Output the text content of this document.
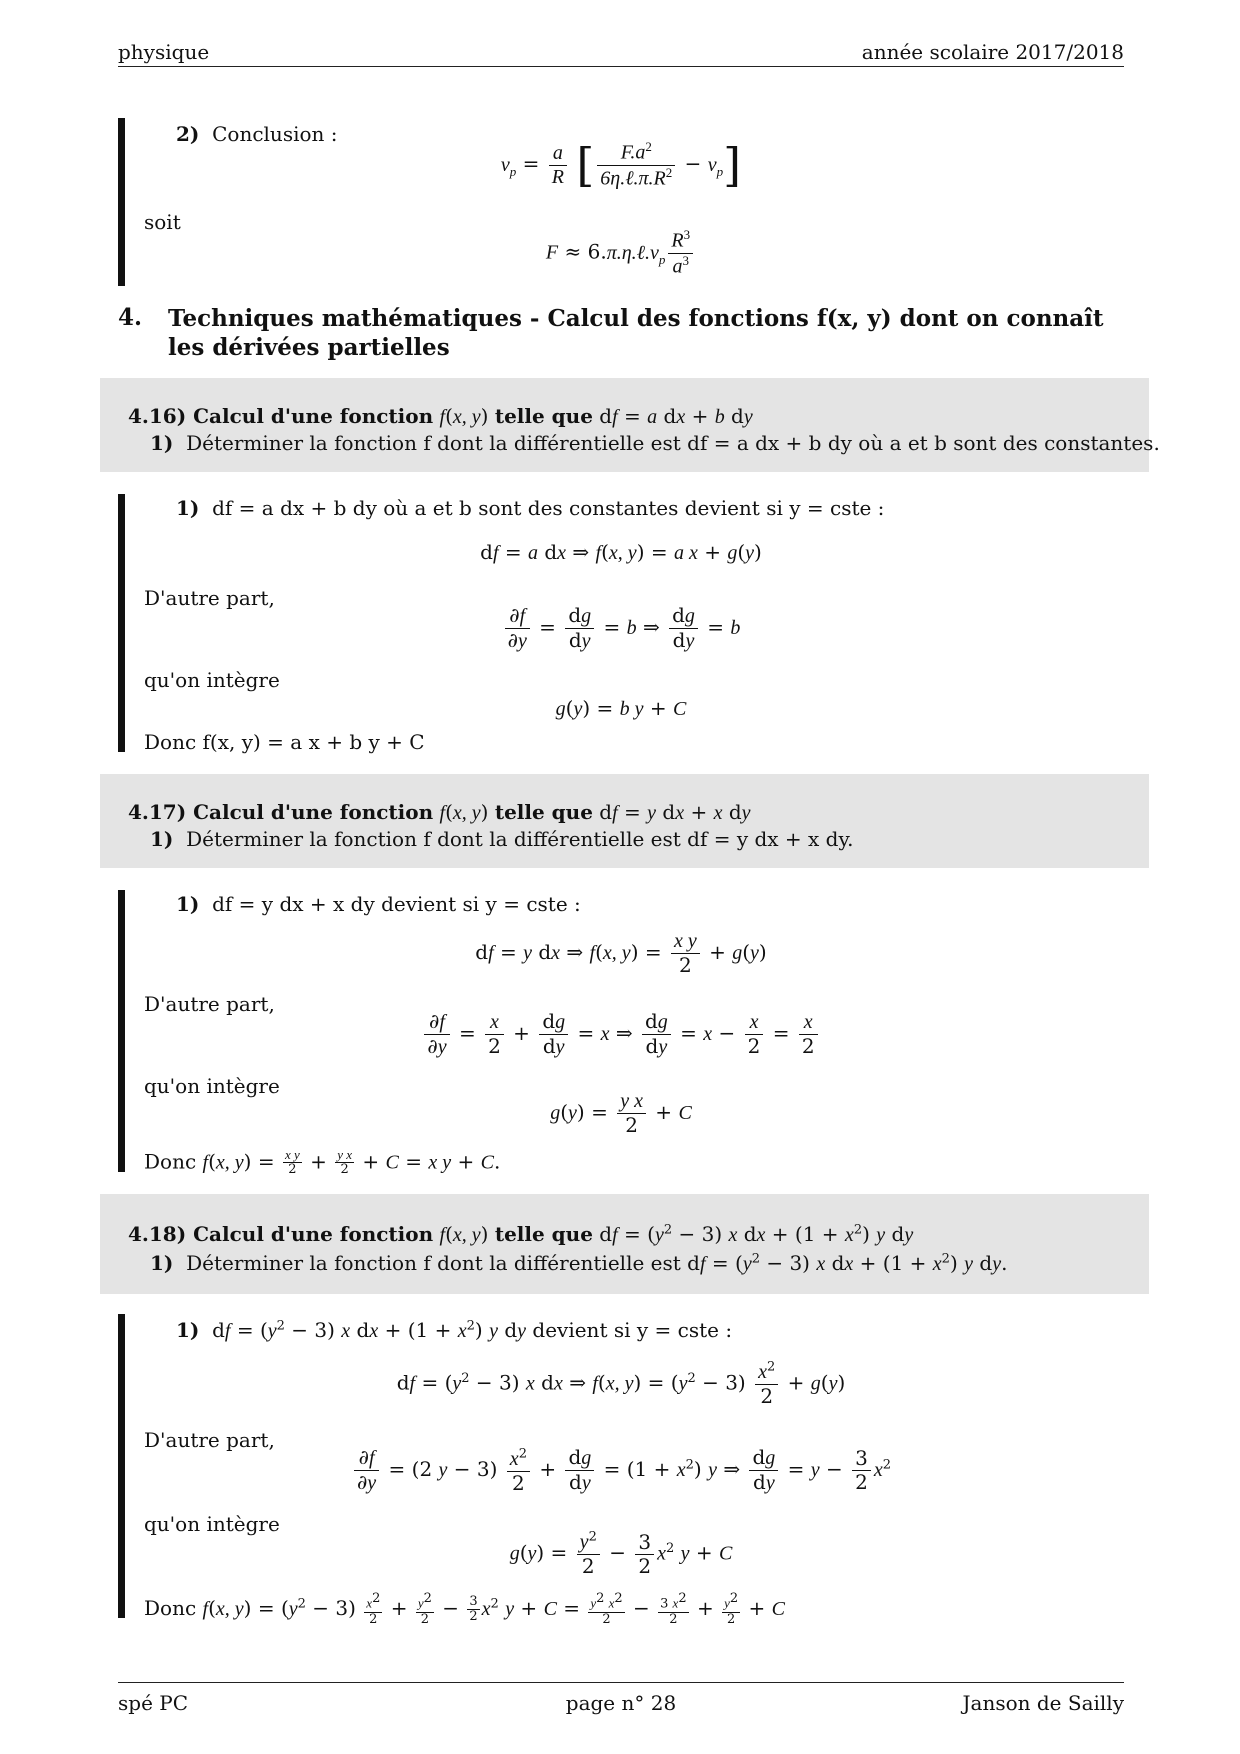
physique	année scolaire 2017/2018
2) Conclusion :
$v_p = \frac{a}{R}$ [ $\frac{F.a^2}{6\eta.\ell.\pi.R^2} - v_p$]
soit
$F \approx 6.\pi.\eta.\ell.v_p \frac{R^3}{a^3}$
4. Techniques mathématiques - Calcul des fonctions f(x, y) dont on connaît les dérivées partielles
4.16) Calcul d'une fonction f(x, y) telle que df = a dx + b dy
1) Déterminer la fonction f dont la différentielle est df = a dx + b dy où a et b sont des constantes.
1) df = a dx + b dy où a et b sont des constantes devient si y = cste :
df = a dx ⇒ f(x, y) = a x + g(y)
D'autre part,
$\frac{\partial f}{\partial y} = \frac{dg}{dy} = b$ ⇒ $\frac{dg}{dy} = b$
qu'on intègre
g(y) = b y + C
Donc f(x, y) = a x + b y + C
4.17) Calcul d'une fonction f(x, y) telle que df = y dx + x dy
1) Déterminer la fonction f dont la différentielle est df = y dx + x dy.
1) df = y dx + x dy devient si y = cste :
df = y dx ⇒ f(x, $y) = \frac{\text{x y}}{2} + g(y)$
D'autre part,
$\frac{\partial f}{\partial y} = \frac{x}{2} + \frac{dg}{dy} = x$ ⇒ $\frac{dg}{dy} = x - \frac{x}{2} = \frac{x}{2}$
qu'on intègre
$g(y) = \frac{\text{y x}}{2} + C$
Donc f(x, $y) = \frac{\text{x y}}{2} + \frac{\text{y x}}{2} + C = x$ y + C.
4.18) Calcul d'une fonction f(x, y) telle que df = $(y^2 - 3)$ x dx + $(1 + x^2)$ y dy
1) Déterminer la fonction f dont la différentielle est df = $(y^2 - 3)$ x dx + $(1 + x^2)$ y dy.
1)  df = $(y^2 - 3)$ x dx + $(1 + x^2)$ y dy devient si y = cste :
df = $(y^2 - 3)$ x dx ⇒ f(x, $y) = (y^2 - 3) \frac{x^2}{2} + g(y)$
D'autre part,
$\frac{\partial f}{\partial y} = (2$ $y - 3) \frac{x^2}{2} + \frac{dg}{dy} = (1 + x^2)$ y ⇒ $\frac{dg}{dy} = y - \frac{3}{2} x^2$
qu'on intègre
$g(y) = \frac{y^2}{2} - \frac{3}{2} x^2$ y + C
Donc f(x, $y) = (y^2 - 3) \frac{x^2}{2} + \frac{y^2}{2} - \frac{3}{2} x^2$ $y + C = \frac{y^2 x^2}{2} - \frac{3 x^2}{2} + \frac{y^2}{2} + C$
spé PC	page n° 28	Janson de Sailly
